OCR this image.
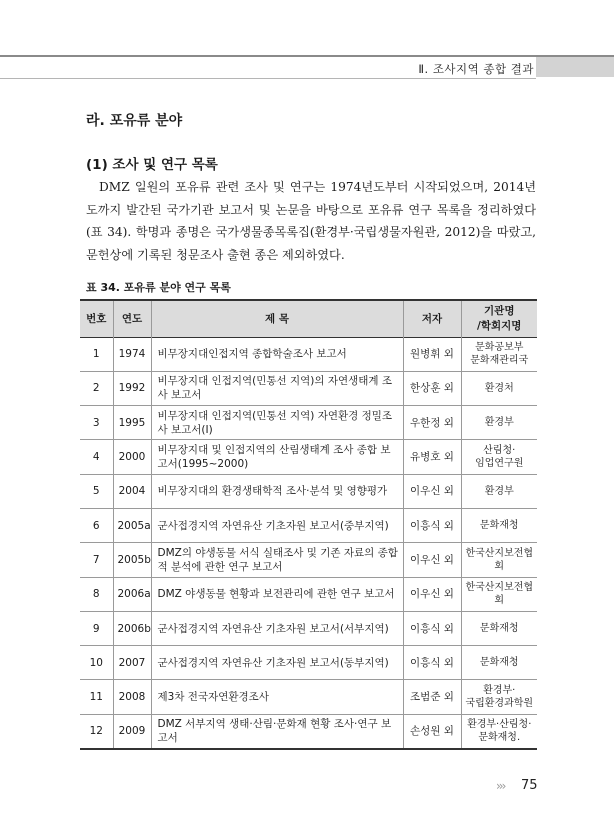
Ⅱ. 조사지역 종합 결과
라. 포유류 분야
(1) 조사 및 연구 목록
DMZ 일원의 포유류 관련 조사 및 연구는 1974년도부터 시작되었으며, 2014년도까지 발간된 국가기관 보고서 및 논문을 바탕으로 포유류 연구 목록을 정리하였다(표 34). 학명과 종명은 국가생물종목록집(환경부·국립생물자원관, 2012)을 따랐고, 문헌상에 기록된 청문조사 출현 종은 제외하였다.
표 34. 포유류 분야 연구 목록
번호	연도	제 목	저자	기관명
/학회지명
1	1974	비무장지대인접지역 종합학술조사 보고서	원병휘 외	문화공보부
문화재관리국
2	1992	비무장지대 인접지역(민통선 지역)의 자연생태계 조사 보고서	한상훈 외	환경처
3	1995	비무장지대 인접지역(민통선 지역) 자연환경 정밀조사 보고서(Ⅰ)	우한정 외	환경부
4	2000	비무장지대 및 인접지역의 산림생태계 조사 종합 보고서(1995~2000)	유병호 외	산림청·
임업연구원
5	2004	비무장지대의 환경생태학적 조사·분석 및 영향평가	이우신 외	환경부
6	2005a	군사접경지역 자연유산 기초자원 보고서(중부지역)	이흥식 외	문화재청
7	2005b	DMZ의 야생동물 서식 실태조사 및 기존 자료의 종합적 분석에 관한 연구 보고서	이우신 외	한국산지보전협회
8	2006a	DMZ 야생동물 현황과 보전관리에 관한 연구 보고서	이우신 외	한국산지보전협회
9	2006b	군사접경지역 자연유산 기초자원 보고서(서부지역)	이흥식 외	문화재청
10	2007	군사접경지역 자연유산 기초자원 보고서(동부지역)	이흥식 외	문화재청
11	2008	제3차 전국자연환경조사	조범준 외	환경부·
국립환경과학원
12	2009	DMZ 서부지역 생태·산림·문화재 현황 조사·연구 보고서	손성원 외	환경부·산림청·
문화재청.
››› 75
